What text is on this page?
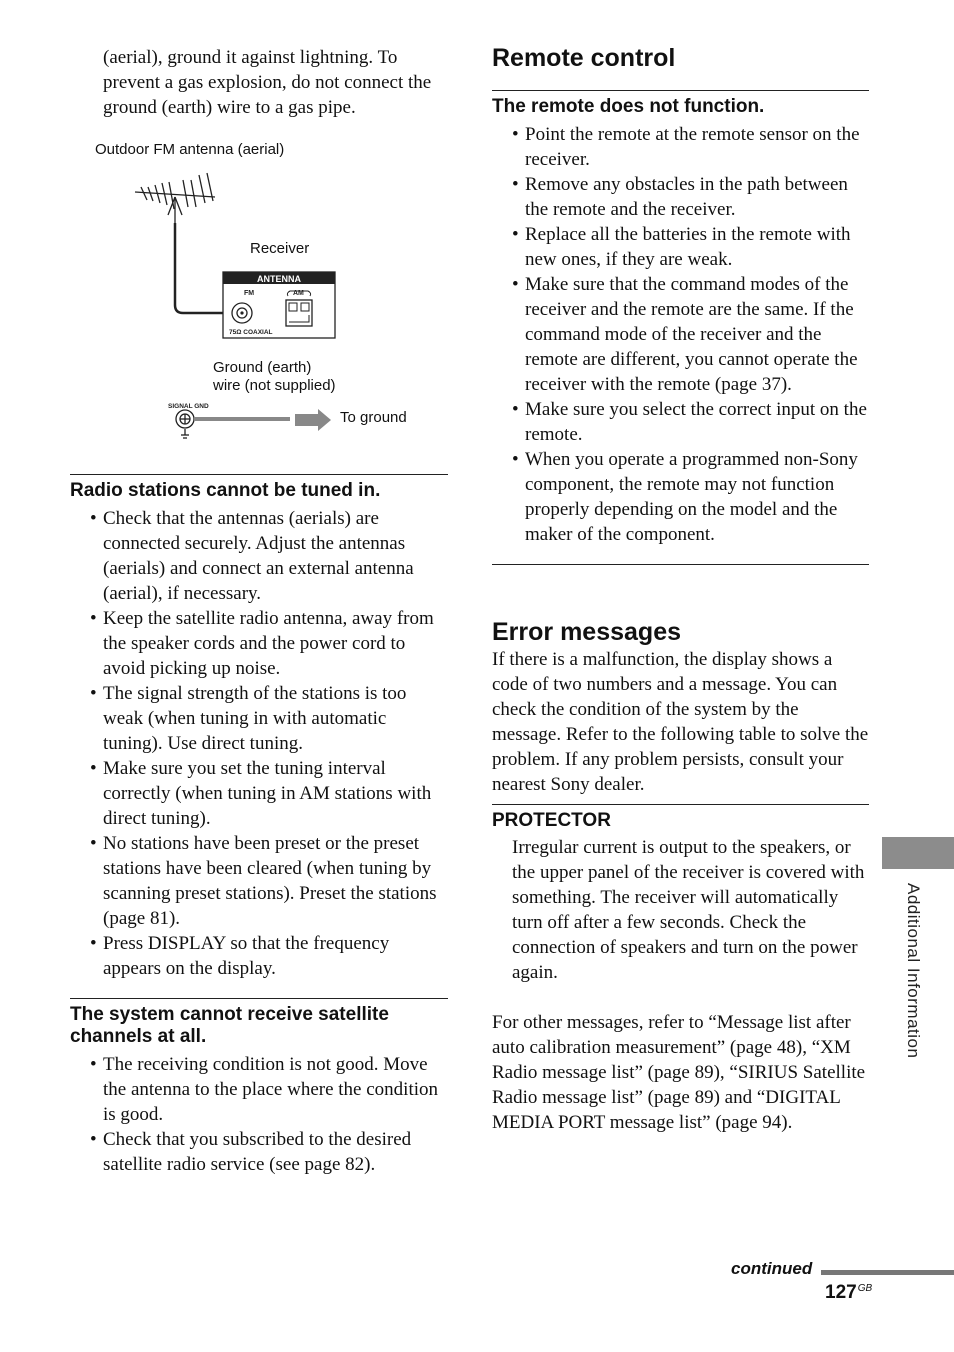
(aerial), ground it against lightning. To prevent a gas explosion, do not connect the ground (earth) wire to a gas pipe.

Outdoor FM antenna (aerial)
Receiver
Ground (earth)
wire (not supplied)
To ground
ANTENNA
FM	AM
75Ω COAXIAL
SIGNAL GND
Radio stations cannot be tuned in.
• Check that the antennas (aerials) are connected securely. Adjust the antennas (aerials) and connect an external antenna (aerial), if necessary.
• Keep the satellite radio antenna, away from the speaker cords and the power cord to avoid picking up noise.
• The signal strength of the stations is too weak (when tuning in with automatic tuning). Use direct tuning.
• Make sure you set the tuning interval correctly (when tuning in AM stations with direct tuning).
• No stations have been preset or the preset stations have been cleared (when tuning by scanning preset stations). Preset the stations (page 81).
• Press DISPLAY so that the frequency appears on the display.
The system cannot receive satellite channels at all.
• The receiving condition is not good. Move the antenna to the place where the condition is good.
• Check that you subscribed to the desired satellite radio service (see page 82).
Remote control
The remote does not function.
• Point the remote at the remote sensor on the receiver.
• Remove any obstacles in the path between the remote and the receiver.
• Replace all the batteries in the remote with new ones, if they are weak.
• Make sure that the command modes of the receiver and the remote are the same. If the command mode of the receiver and the remote are different, you cannot operate the receiver with the remote (page 37).
• Make sure you select the correct input on the remote.
• When you operate a programmed non-Sony component, the remote may not function properly depending on the model and the maker of the component.
Error messages

If there is a malfunction, the display shows a code of two numbers and a message. You can check the condition of the system by the message. Refer to the following table to solve the problem. If any problem persists, consult your nearest Sony dealer.

PROTECTOR

Irregular current is output to the speakers, or the upper panel of the receiver is covered with something. The receiver will automatically turn off after a few seconds. Check the connection of speakers and turn on the power again.

For other messages, refer to “Message list after auto calibration measurement” (page 48), “XM Radio message list” (page 89), “SIRIUS Satellite Radio message list” (page 89) and “DIGITAL MEDIA PORT message list” (page 94).

Additional Information
continued
$127^{GB}$
